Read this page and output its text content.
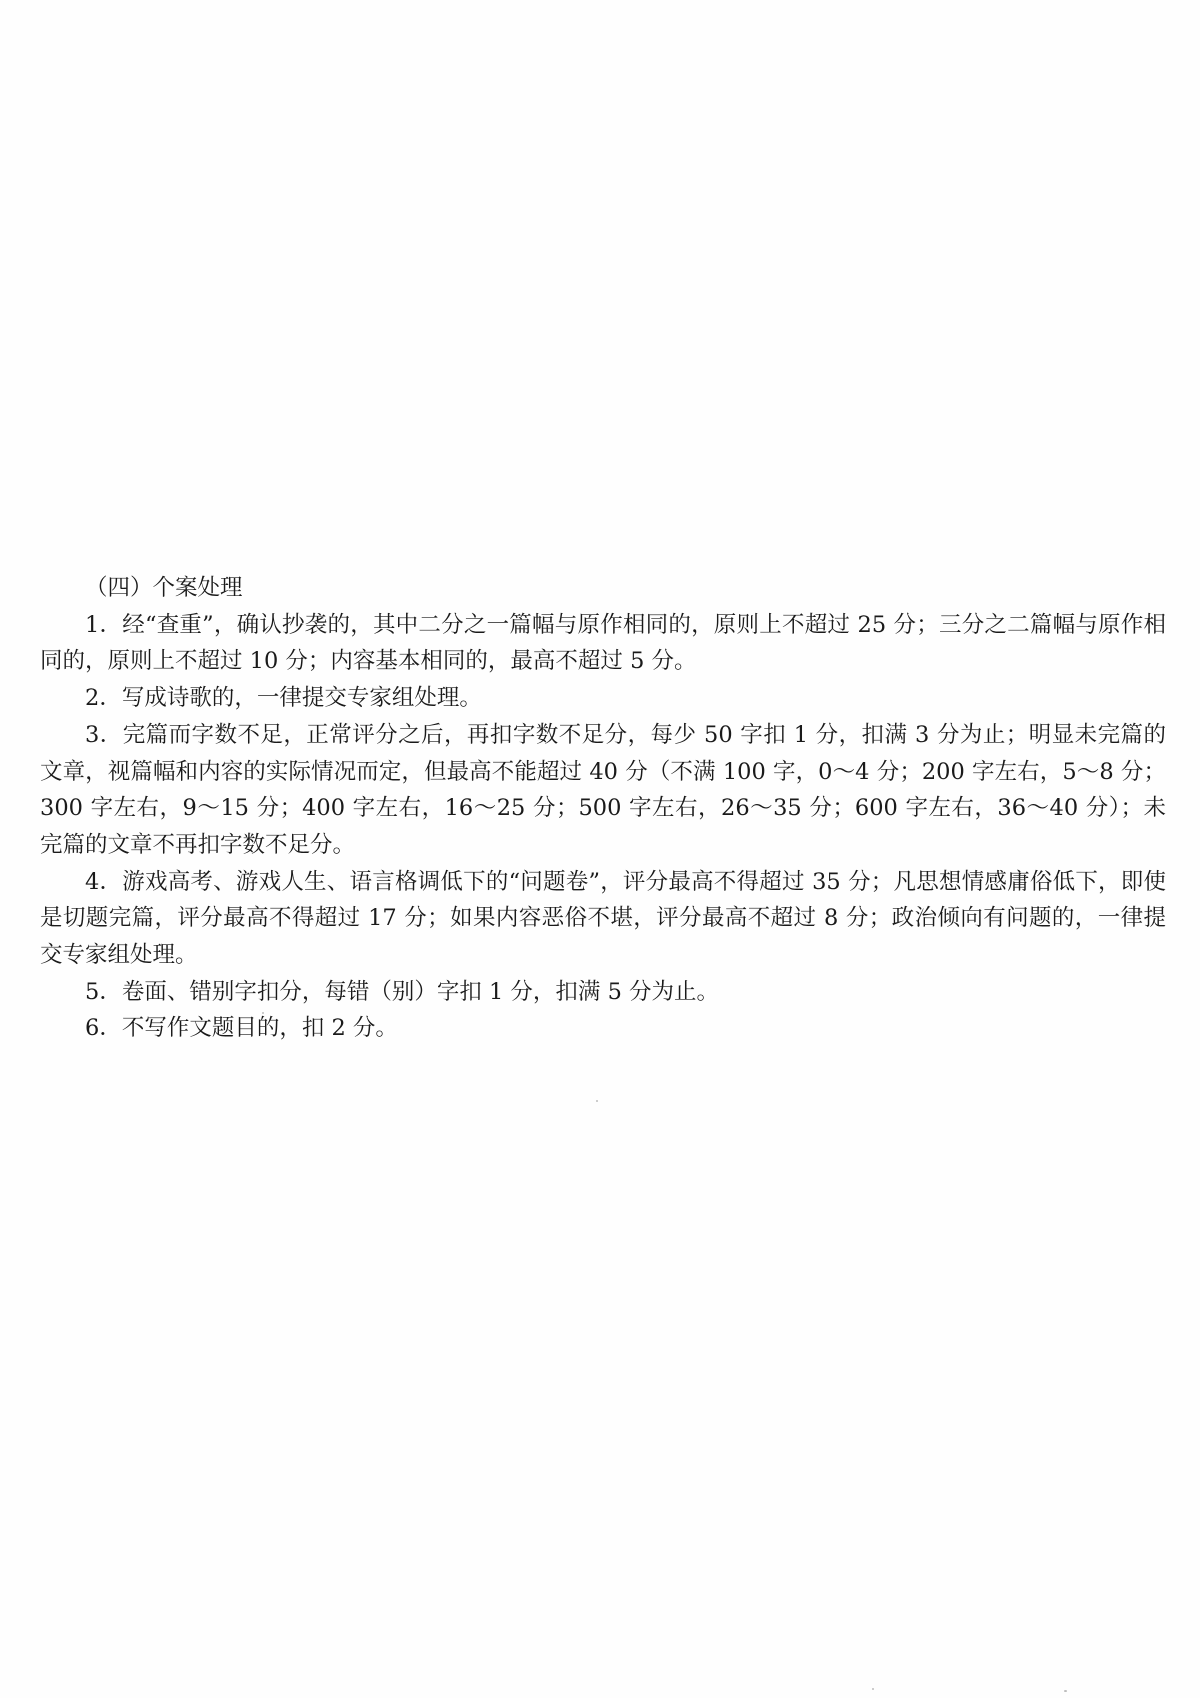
（四）个案处理

1．经“查重”，确认抄袭的，其中二分之一篇幅与原作相同的，原则上不超过 25 分；三分之二篇幅与原作相同的，原则上不超过 10 分；内容基本相同的，最高不超过 5 分。

2．写成诗歌的，一律提交专家组处理。

3．完篇而字数不足，正常评分之后，再扣字数不足分，每少 50 字扣 1 分，扣满 3 分为止；明显未完篇的文章，视篇幅和内容的实际情况而定，但最高不能超过 40 分（不满 100 字，0～4 分；200 字左右，5～8 分；300 字左右，9～15 分；400 字左右，16～25 分；500 字左右，26～35 分；600 字左右，36～40 分）；未完篇的文章不再扣字数不足分。

4．游戏高考、游戏人生、语言格调低下的“问题卷”，评分最高不得超过 35 分；凡思想情感庸俗低下，即使是切题完篇，评分最高不得超过 17 分；如果内容恶俗不堪，评分最高不超过 8 分；政治倾向有问题的，一律提交专家组处理。

5．卷面、错别字扣分，每错（别）字扣 1 分，扣满 5 分为止。

6．不写作文题目的，扣 2 分。
